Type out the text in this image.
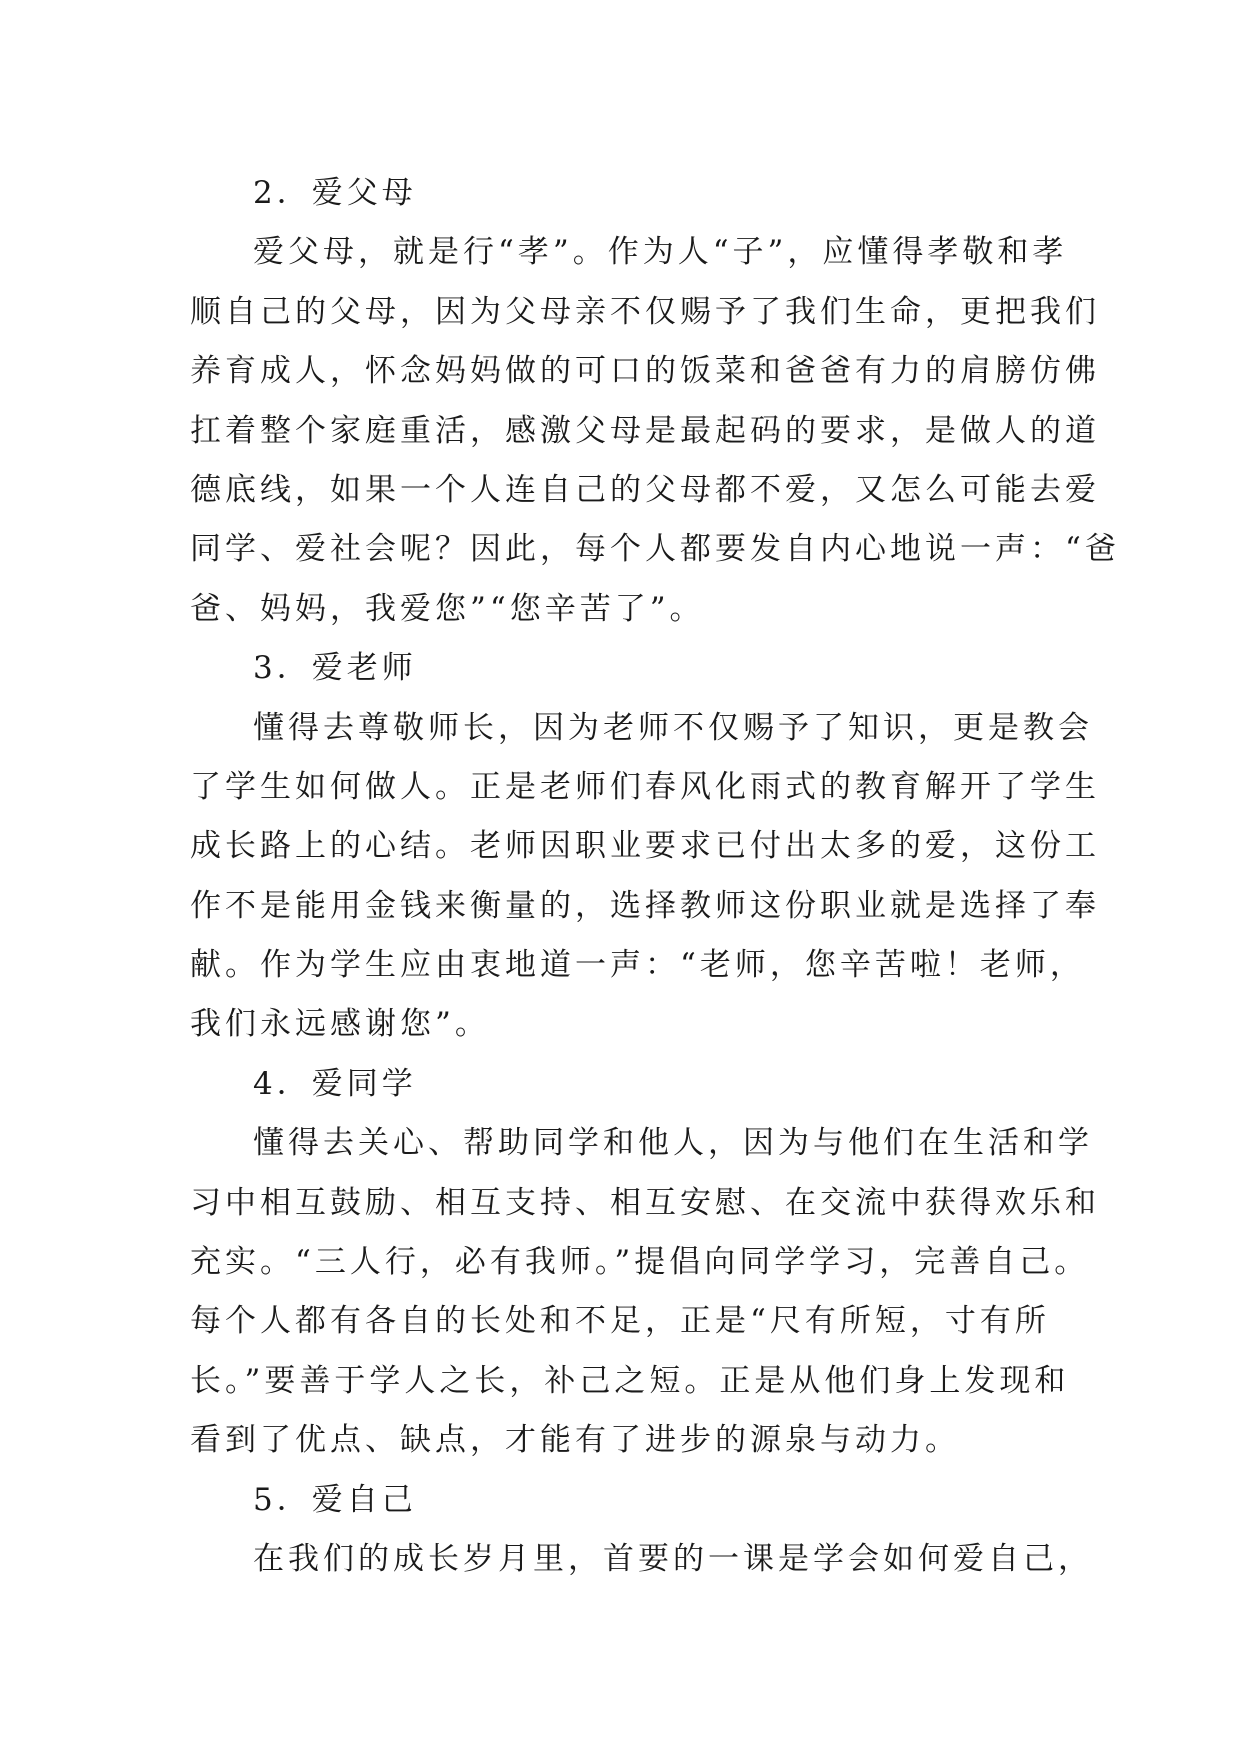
2．爱父母

爱父母，就是行“孝”。作为人“子”，应懂得孝敬和孝

顺自己的父母，因为父母亲不仅赐予了我们生命，更把我们

养育成人，怀念妈妈做的可口的饭菜和爸爸有力的肩膀仿佛

扛着整个家庭重活，感激父母是最起码的要求，是做人的道

德底线，如果一个人连自己的父母都不爱，又怎么可能去爱

同学、爱社会呢？因此，每个人都要发自内心地说一声：“爸

爸、妈妈，我爱您”“您辛苦了”。

3．爱老师

懂得去尊敬师长，因为老师不仅赐予了知识，更是教会

了学生如何做人。正是老师们春风化雨式的教育解开了学生

成长路上的心结。老师因职业要求已付出太多的爱，这份工

作不是能用金钱来衡量的，选择教师这份职业就是选择了奉

献。作为学生应由衷地道一声：“老师，您辛苦啦！老师，

我们永远感谢您”。

4．爱同学

懂得去关心、帮助同学和他人，因为与他们在生活和学

习中相互鼓励、相互支持、相互安慰、在交流中获得欢乐和

充实。“三人行，必有我师。”提倡向同学学习，完善自己。

每个人都有各自的长处和不足，正是“尺有所短，寸有所

长。”要善于学人之长，补己之短。正是从他们身上发现和

看到了优点、缺点，才能有了进步的源泉与动力。

5．爱自己

在我们的成长岁月里，首要的一课是学会如何爱自己，
